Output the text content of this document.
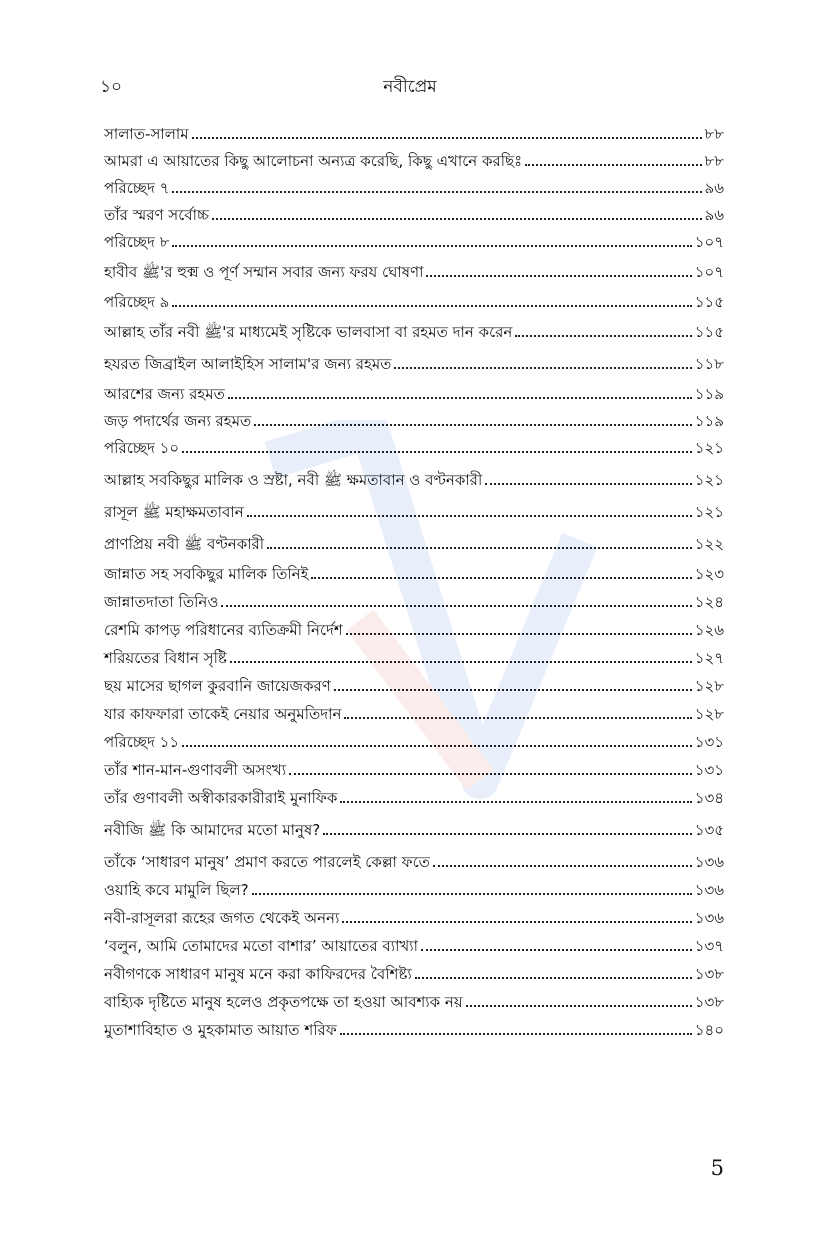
১০	নবীপ্রেম
সালাত-সালাম	৮৮
আমরা এ আয়াতের কিছু আলোচনা অন্যত্র করেছি, কিছু এখানে করছিঃ	৮৮
পরিচ্ছেদ ৭	৯৬
তাঁর স্মরণ সর্বোচ্চ	৯৬
পরিচ্ছেদ ৮	১০৭
হাবীব ﷺ'র হুক্ম ও পূর্ণ সম্মান সবার জন্য ফরয ঘোষণা	১০৭
পরিচ্ছেদ ৯	১১৫
আল্লাহ তাঁর নবী ﷺ'র মাধ্যমেই সৃষ্টিকে ভালবাসা বা রহমত দান করেন	১১৫
হযরত জিব্রাইল আলাইহিস সালাম'র জন্য রহমত	১১৮
আরশের জন্য রহমত	১১৯
জড় পদার্থের জন্য রহমত	১১৯
পরিচ্ছেদ ১০	১২১
আল্লাহ সবকিছুর মালিক ও স্রষ্টা, নবী ﷺ ক্ষমতাবান ও বণ্টনকারী	১২১
রাসূল ﷺ মহাক্ষমতাবান	১২১
প্রাণপ্রিয় নবী ﷺ বণ্টনকারী	১২২
জান্নাত সহ সবকিছুর মালিক তিনিই	১২৩
জান্নাতদাতা তিনিও	১২৪
রেশমি কাপড় পরিধানের ব্যতিক্রমী নির্দেশ	১২৬
শরিয়তের বিধান সৃষ্টি	১২৭
ছয় মাসের ছাগল কুরবানি জায়েজকরণ	১২৮
যার কাফফারা তাকেই নেয়ার অনুমতিদান	১২৮
পরিচ্ছেদ ১১	১৩১
তাঁর শান-মান-গুণাবলী অসংখ্য	১৩১
তাঁর গুণাবলী অস্বীকারকারীরাই মুনাফিক	১৩৪
নবীজি ﷺ কি আমাদের মতো মানুষ?	১৩৫
তাঁকে ‘সাধারণ মানুষ’ প্রমাণ করতে পারলেই কেল্লা ফতে	১৩৬
ওয়াহি কবে মামুলি ছিল?	১৩৬
নবী-রাসূলরা রূহের জগত থেকেই অনন্য	১৩৬
‘বলুন, আমি তোমাদের মতো বাশার’ আয়াতের ব্যাখ্যা	১৩৭
নবীগণকে সাধারণ মানুষ মনে করা কাফিরদের বৈশিষ্ট্য	১৩৮
বাহ্যিক দৃষ্টিতে মানুষ হলেও প্রকৃতপক্ষে তা হওয়া আবশ্যক নয়	১৩৮
মুতাশাবিহাত ও মুহকামাত আয়াত শরিফ	১৪০
5
